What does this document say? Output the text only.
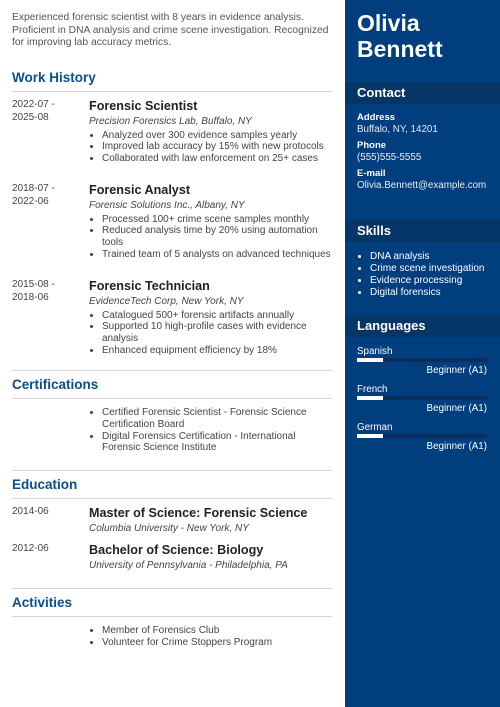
Experienced forensic scientist with 8 years in evidence analysis. Proficient in DNA analysis and crime scene investigation. Recognized for improving lab accuracy metrics.
Work History
2022-07 -
2025-08
Forensic Scientist
Precision Forensics Lab, Buffalo, NY
• Analyzed over 300 evidence samples yearly
• Improved lab accuracy by 15% with new protocols
• Collaborated with law enforcement on 25+ cases
2018-07 -
2022-06
Forensic Analyst
Forensic Solutions Inc., Albany, NY
• Processed 100+ crime scene samples monthly
• Reduced analysis time by 20% using automation tools
• Trained team of 5 analysts on advanced techniques
2015-08 -
2018-06
Forensic Technician
EvidenceTech Corp, New York, NY
• Catalogued 500+ forensic artifacts annually
• Supported 10 high-profile cases with evidence analysis
• Enhanced equipment efficiency by 18%
Certifications
• Certified Forensic Scientist - Forensic Science Certification Board
• Digital Forensics Certification - International Forensic Science Institute
Education
2014-06	Master of Science: Forensic Science
Columbia University - New York, NY
2012-06	Bachelor of Science: Biology
University of Pennsylvania - Philadelphia, PA
Activities
• Member of Forensics Club
• Volunteer for Crime Stoppers Program
Olivia
Bennett
Contact
Address
Buffalo, NY, 14201
Phone
(555)555-5555
E-mail
Olivia.Bennett@example.com
Skills
• DNA analysis
• Crime scene investigation
• Evidence processing
• Digital forensics
Languages
Spanish
Beginner (A1)
French
Beginner (A1)
German
Beginner (A1)
